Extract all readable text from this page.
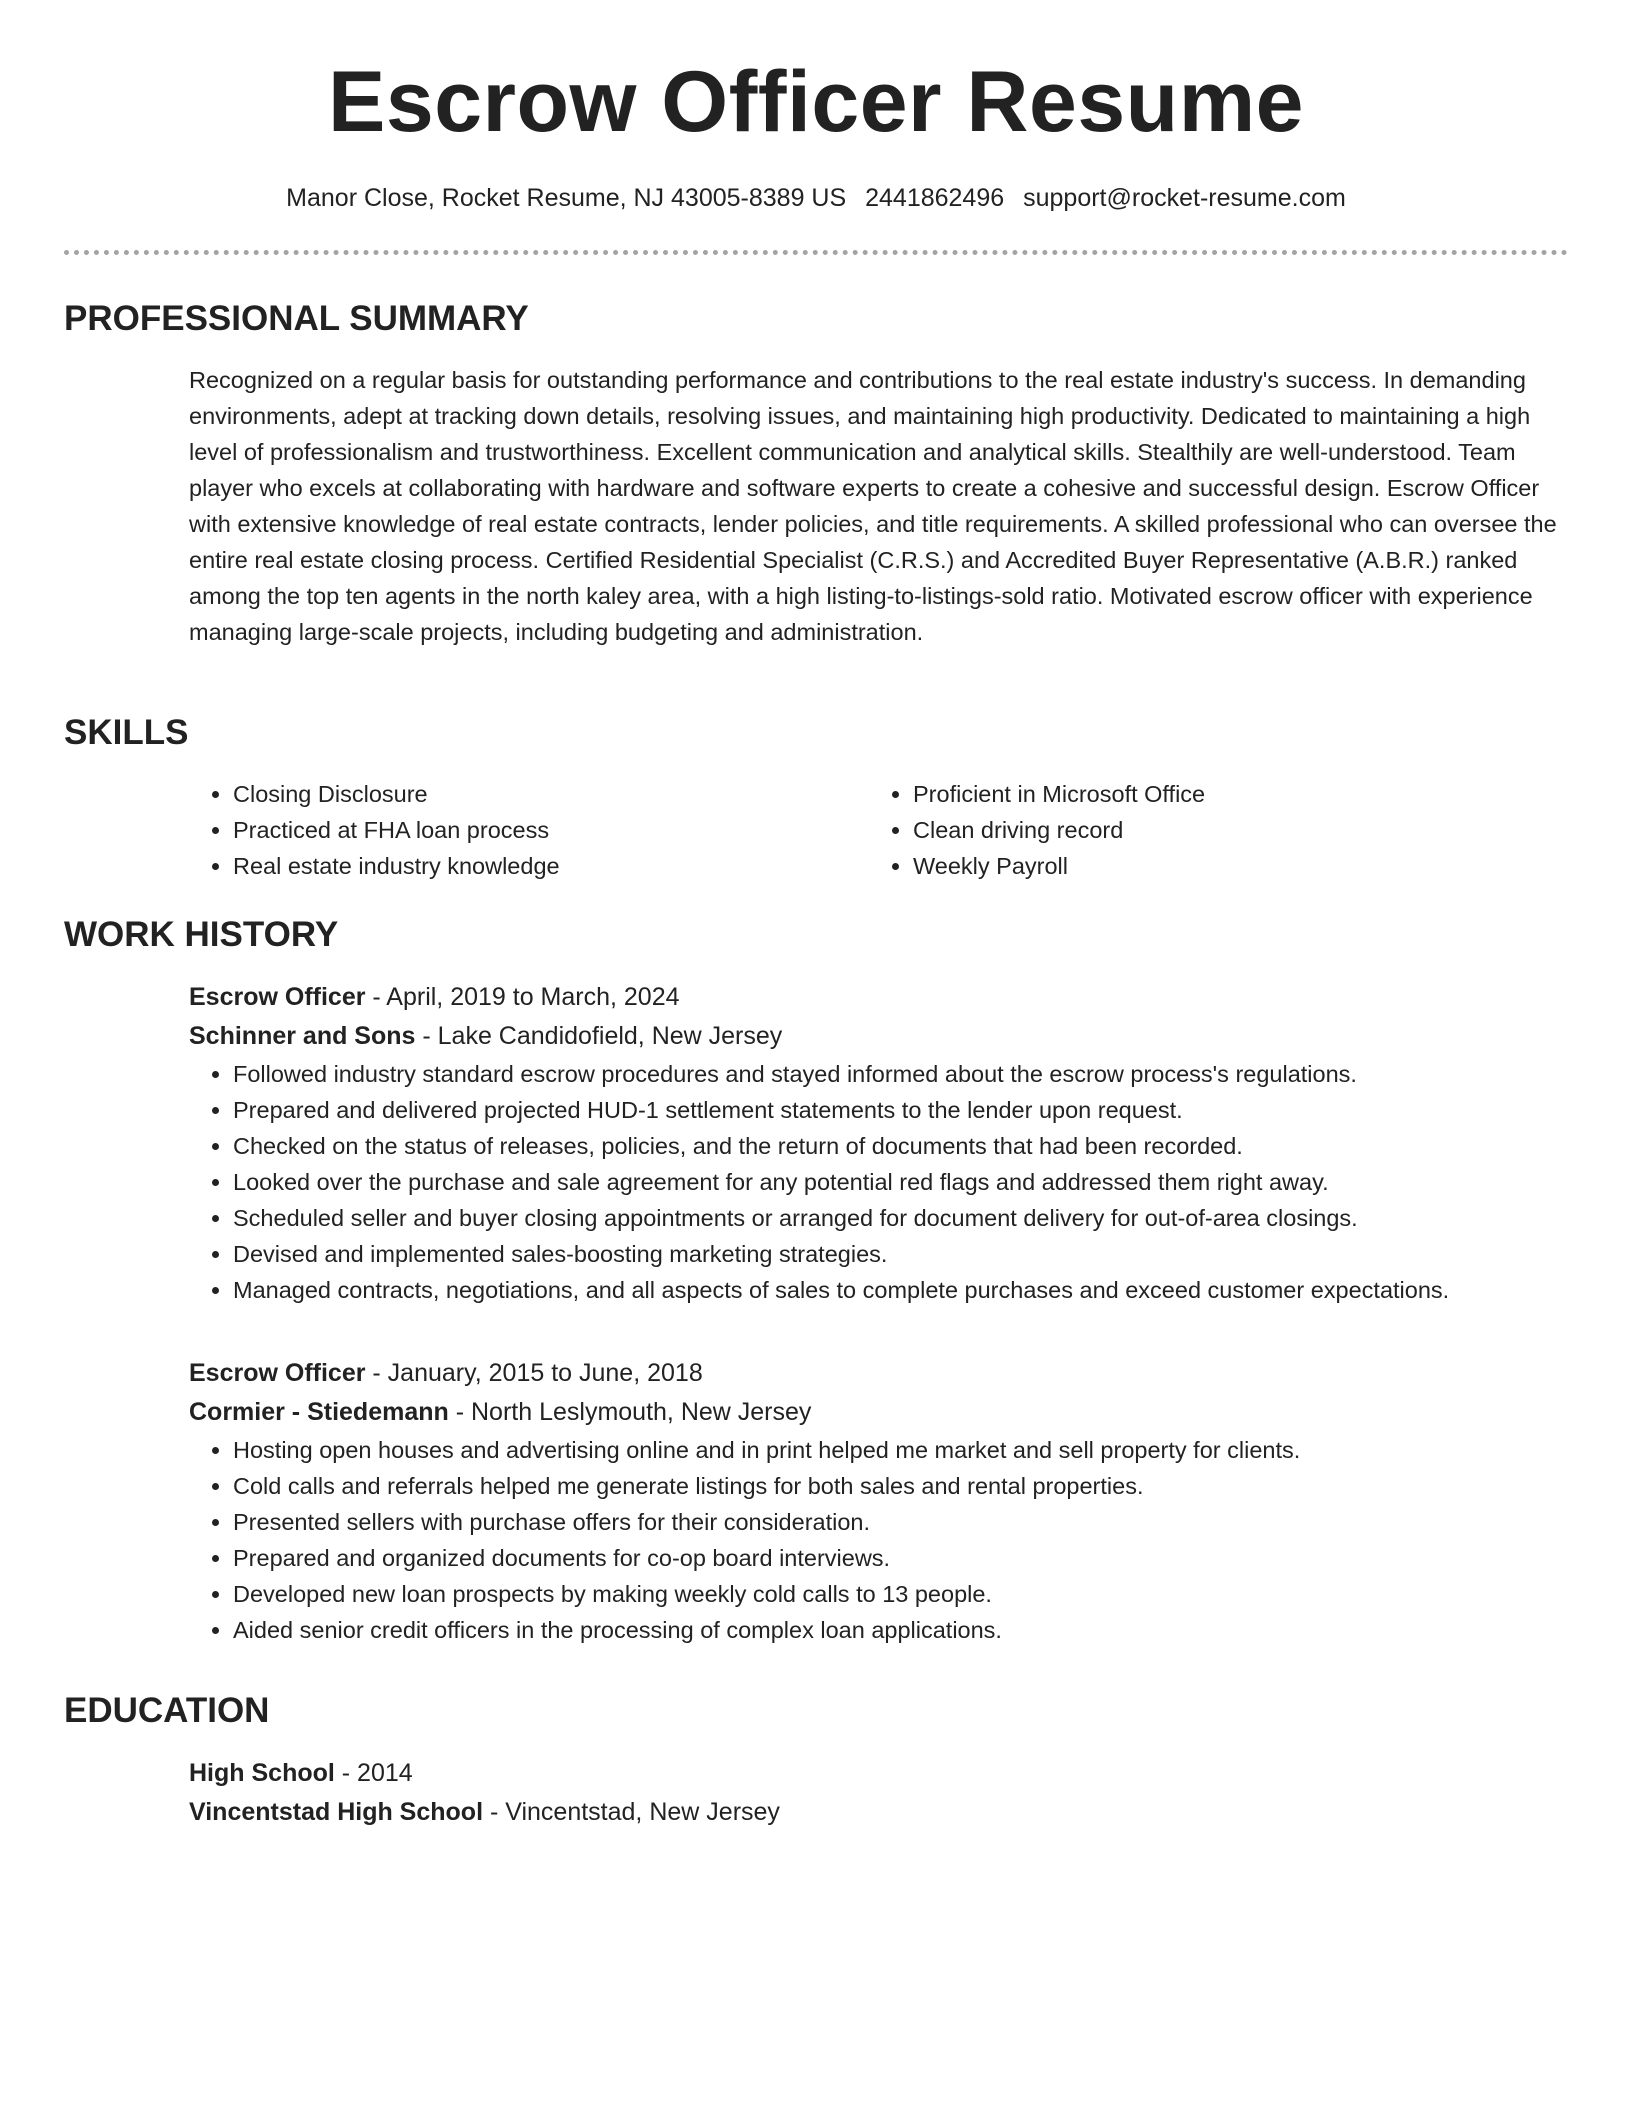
Escrow Officer Resume
Manor Close, Rocket Resume, NJ 43005-8389 US 2441862496 support@rocket-resume.com
PROFESSIONAL SUMMARY

Recognized on a regular basis for outstanding performance and contributions to the real estate industry's success. In demanding environments, adept at tracking down details, resolving issues, and maintaining high productivity. Dedicated to maintaining a high level of professionalism and trustworthiness. Excellent communication and analytical skills. Stealthily are well-understood. Team player who excels at collaborating with hardware and software experts to create a cohesive and successful design. Escrow Officer with extensive knowledge of real estate contracts, lender policies, and title requirements. A skilled professional who can oversee the entire real estate closing process. Certified Residential Specialist (C.R.S.) and Accredited Buyer Representative (A.B.R.) ranked among the top ten agents in the north kaley area, with a high listing-to-listings-sold ratio. Motivated escrow officer with experience managing large-scale projects, including budgeting and administration.

SKILLS
• Closing Disclosure
• Practiced at FHA loan process
• Real estate industry knowledge
• Proficient in Microsoft Office
• Clean driving record
• Weekly Payroll
WORK HISTORY
Escrow Officer - April, 2019 to March, 2024
Schinner and Sons - Lake Candidofield, New Jersey
• Followed industry standard escrow procedures and stayed informed about the escrow process's regulations.
• Prepared and delivered projected HUD-1 settlement statements to the lender upon request.
• Checked on the status of releases, policies, and the return of documents that had been recorded.
• Looked over the purchase and sale agreement for any potential red flags and addressed them right away.
• Scheduled seller and buyer closing appointments or arranged for document delivery for out-of-area closings.
• Devised and implemented sales-boosting marketing strategies.
• Managed contracts, negotiations, and all aspects of sales to complete purchases and exceed customer expectations.
Escrow Officer - January, 2015 to June, 2018
Cormier - Stiedemann - North Leslymouth, New Jersey
• Hosting open houses and advertising online and in print helped me market and sell property for clients.
• Cold calls and referrals helped me generate listings for both sales and rental properties.
• Presented sellers with purchase offers for their consideration.
• Prepared and organized documents for co-op board interviews.
• Developed new loan prospects by making weekly cold calls to 13 people.
• Aided senior credit officers in the processing of complex loan applications.
EDUCATION
High School - 2014
Vincentstad High School - Vincentstad, New Jersey
